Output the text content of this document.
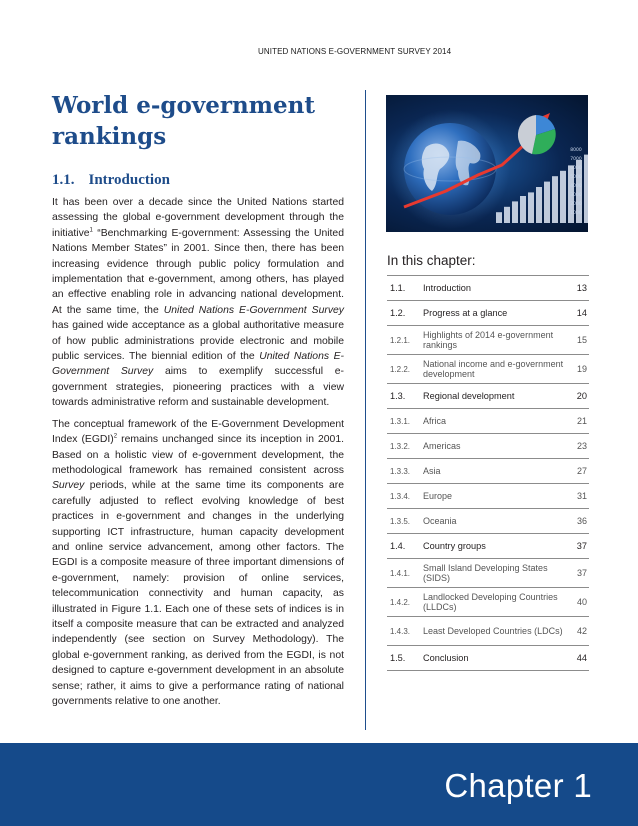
UNITED NATIONS E-GOVERNMENT SURVEY 2014
World e-government
rankings
1.1. Introduction

It has been over a decade since the United Nations started assessing the global e-government development through the initiative$^1$ “Benchmarking E-government: Assessing the United Nations Member States” in 2001. Since then, there has been increasing evidence through public policy formulation and implementation that e-government, among others, has played an effective enabling role in advancing national development. At the same time, the United Nations E-Government Survey has gained wide acceptance as a global authoritative measure of how public administrations provide electronic and mobile public services. The biennial edition of the United Nations E-Government Survey aims to exemplify successful e-government strategies, pioneering practices with a view towards administrative reform and sustainable development.

The conceptual framework of the E-Government Development Index (EGDI)$^2$ remains unchanged since its inception in 2001. Based on a holistic view of e-government development, the methodological framework has remained consistent across Survey periods, while at the same time its components are carefully adjusted to reflect evolving knowledge of best practices in e-government and changes in the underlying supporting ICT infrastructure, human capacity development and online service advancement, among other factors. The EGDI is a composite measure of three important dimensions of e-government, namely: provision of online services, telecommunication connectivity and human capacity, as illustrated in Figure 1.1. Each one of these sets of indices is in itself a composite measure that can be extracted and analyzed independently (see section on Survey Methodology). The global e-government ranking, as derived from the EGDI, is not designed to capture e-government development in an absolute sense; rather, it aims to give a performance rating of national governments relative to one another.

8000
7000
6000
5000
4000
3000
2000
1000
In this chapter:
1.1.	Introduction	13
1.2.	Progress at a glance	14
1.2.1.
Highlights of 2014 e-government rankings	15
1.2.2.
National income and e-government development	19
1.3.	Regional development	20
1.3.1.	Africa	21
1.3.2.	Americas	23
1.3.3.	Asia	27
1.3.4.	Europe	31
1.3.5.	Oceania	36
1.4.	Country groups	37
1.4.1.
Small Island Developing States (SIDS)	37
1.4.2.
Landlocked Developing Countries (LLDCs)	40
1.4.3.	Least Developed Countries (LDCs)	42
1.5.	Conclusion	44
Chapter 1
